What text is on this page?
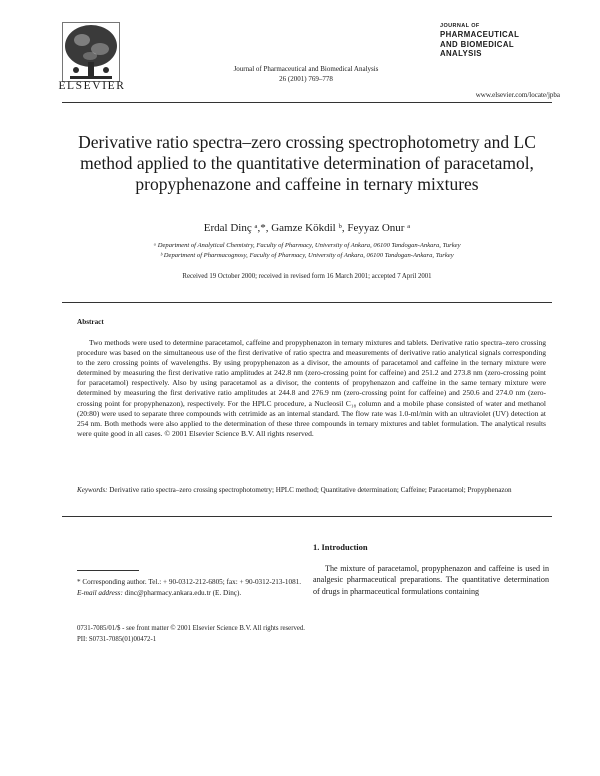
ELSEVIER
Journal of Pharmaceutical and Biomedical Analysis
26 (2001) 769–778
JOURNAL OF
PHARMACEUTICAL
AND BIOMEDICAL
ANALYSIS
www.elsevier.com/locate/jpba
Derivative ratio spectra–zero crossing spectrophotometry and LC method applied to the quantitative determination of paracetamol, propyphenazone and caffeine in ternary mixtures
Erdal Dinç ᵃ,*, Gamze Kökdil ᵇ, Feyyaz Onur ᵃ
ᵃ Department of Analytical Chemistry, Faculty of Pharmacy, University of Ankara, 06100 Tandogan-Ankara, Turkey
ᵇ Department of Pharmacognosy, Faculty of Pharmacy, University of Ankara, 06100 Tandogan-Ankara, Turkey
Received 19 October 2000; received in revised form 16 March 2001; accepted 7 April 2001
Abstract
Two methods were used to determine paracetamol, caffeine and propyphenazon in ternary mixtures and tablets. Derivative ratio spectra–zero crossing procedure was based on the simultaneous use of the first derivative of ratio spectra and measurements of derivative ratio analytical signals corresponding to the zero crossing points of wavelengths. By using propyphenazon as a divisor, the amounts of paracetamol and caffeine in the ternary mixture were determined by measuring the first derivative ratio amplitudes at 242.8 nm (zero-crossing point for caffeine) and 251.2 and 273.8 nm (zero-crossing point for paracetamol) respectively. Also by using paracetamol as a divisor, the contents of propyhenazon and caffeine in the same ternary mixture were determined by measuring the first derivative ratio amplitudes at 244.8 and 276.9 nm (zero-crossing point for caffeine) and 250.6 and 274.0 nm (zero-crossing point for propyphenazon), respectively. For the HPLC procedure, a Nucleosil C₁₈ column and a mobile phase consisted of water and methanol (20:80) were used to separate three compounds with cetrimide as an internal standard. The flow rate was 1.0-ml/min with an ultraviolet (UV) detection at 254 nm. Both methods were also applied to the determination of these three compounds in ternary mixtures and tablet formulation. The analytical results were quite good in all cases. © 2001 Elsevier Science B.V. All rights reserved.
Keywords: Derivative ratio spectra–zero crossing spectrophotometry; HPLC method; Quantitative determination; Caffeine; Paracetamol; Propyphenazon
1. Introduction
The mixture of paracetamol, propyphenazon and caffeine is used in analgesic pharmaceutical preparations. The quantitative determination of drugs in pharmaceutical formulations containing
* Corresponding author. Tel.: + 90-0312-212-6805; fax: + 90-0312-213-1081.
E-mail address: dinc@pharmacy.ankara.edu.tr (E. Dinç).
0731-7085/01/$ - see front matter © 2001 Elsevier Science B.V. All rights reserved.
PII: S0731-7085(01)00472-1
